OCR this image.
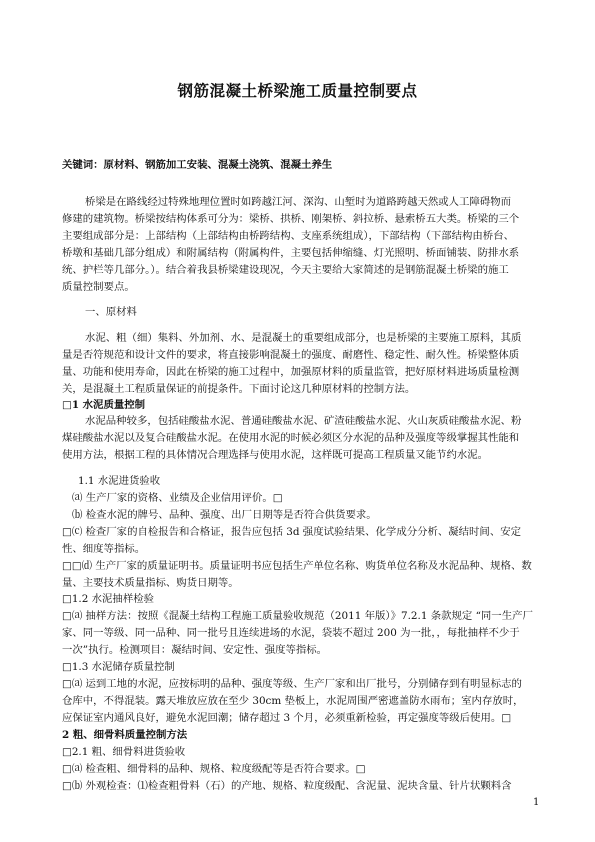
钢筋混凝土桥梁施工质量控制要点
关键词：原材料、钢筋加工安装、混凝土浇筑、混凝土养生
桥梁是在路线经过特殊地理位置时如跨越江河、深沟、山堑时为道路跨越天然或人工障碍物而
修建的建筑物。桥梁按结构体系可分为：梁桥、拱桥、刚架桥、斜拉桥、悬索桥五大类。桥梁的三个
主要组成部分是：上部结构（上部结构由桥跨结构、支座系统组成），下部结构（下部结构由桥台、
桥墩和基础几部分组成）和附属结构（附属构件，主要包括伸缩缝、灯光照明、桥面铺装、防排水系
统、护栏等几部分。）。结合着我县桥梁建设现况，今天主要给大家简述的是钢筋混凝土桥梁的施工
质量控制要点。
一、原材料
水泥、粗（细）集料、外加剂、水、是混凝土的重要组成部分，也是桥梁的主要施工原料，其质
量是否符规范和设计文件的要求，将直接影响混凝土的强度、耐磨性、稳定性、耐久性。桥梁整体质
量、功能和使用寿命，因此在桥梁的施工过程中，加强原材料的质量监管，把好原材料进场质量检测
关，是混凝土工程质量保证的前提条件。下面讨论这几种原材料的控制方法。
□1 水泥质量控制
水泥品种较多，包括硅酸盐水泥、普通硅酸盐水泥、矿渣硅酸盐水泥、火山灰质硅酸盐水泥、粉
煤硅酸盐水泥以及复合硅酸盐水泥。在使用水泥的时候必须区分水泥的品种及强度等级掌握其性能和
使用方法，根据工程的具体情况合理选择与使用水泥，这样既可提高工程质量又能节约水泥。
1.1 水泥进货验收
⒜ 生产厂家的资格、业绩及企业信用评价。□
⒝ 检查水泥的牌号、品种、强度、出厂日期等是否符合供货要求。
□⒞ 检查厂家的自检报告和合格证，报告应包括 3d 强度试验结果、化学成分分析、凝结时间、安定
性、细度等指标。
□□⒟ 生产厂家的质量证明书。质量证明书应包括生产单位名称、购货单位名称及水泥品种、规格、数
量、主要技术质量指标、购货日期等。
□1.2 水泥抽样检验
□⒜ 抽样方法：按照《混凝土结构工程施工质量验收规范（2011 年版）》7.2.1 条款规定 “同一生产厂
家、同一等级、同一品种、同一批号且连续进场的水泥，袋装不超过 200 为一批，，每批抽样不少于
一次”执行。检测项目：凝结时间、安定性、强度等指标。
□1.3 水泥储存质量控制
□⒜ 运到工地的水泥，应按标明的品种、强度等级、生产厂家和出厂批号，分别储存到有明显标志的
仓库中，不得混装。露天堆放应放在至少 30cm 垫板上，水泥周围严密遮盖防水雨布；室内存放时，
应保证室内通风良好，避免水泥回潮；储存超过 3 个月，必须重新检验，再定强度等级后使用。□
2 粗、细骨料质量控制方法
□2.1 粗、细骨料进货验收
□⒜ 检查粗、细骨料的品种、规格、粒度级配等是否符合要求。□
□⒝ 外观检查：⑴检查粗骨料（石）的产地、规格、粒度级配、含泥量、泥块含量、针片状颗料含
1
